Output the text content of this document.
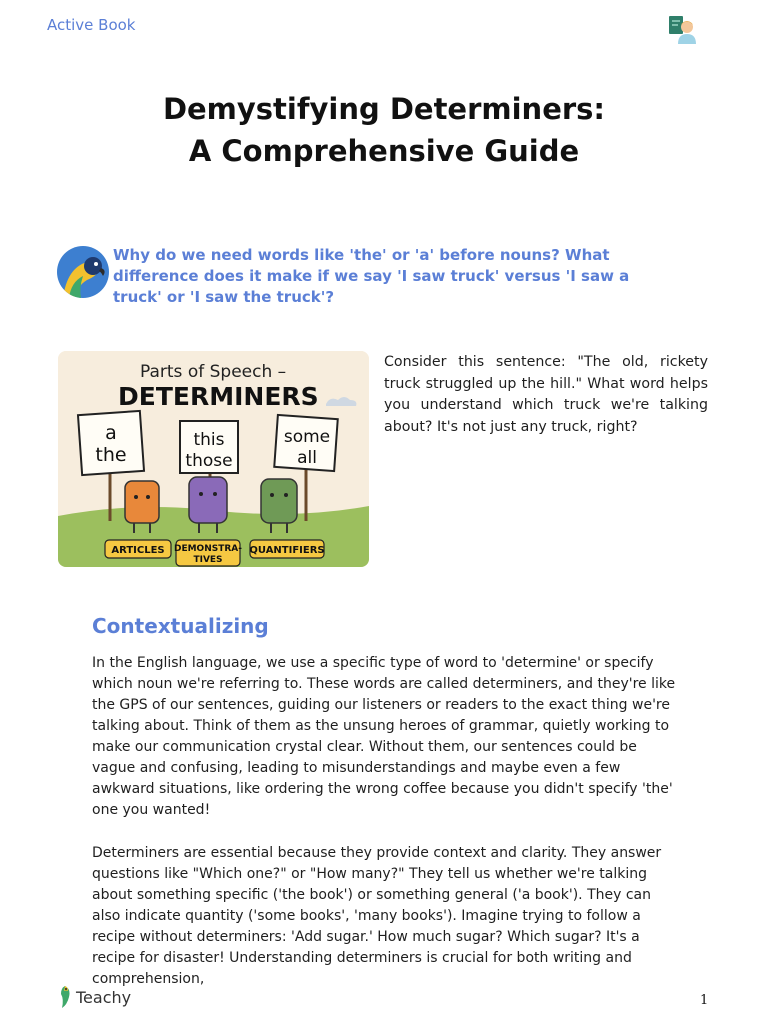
Active Book
Demystifying Determiners: A Comprehensive Guide

Why do we need words like 'the' or 'a' before nouns? What difference does it make if we say 'I saw truck' versus 'I saw a truck' or 'I saw the truck'?

Parts of Speech –
DETERMINERS
a
the
ARTICLES
this
those
DEMONSTRA-
TIVES
some
all
QUANTIFIERS

Consider this sentence: "The old, rickety truck struggled up the hill." What word helps you understand which truck we're talking about? It's not just any truck, right?

Contextualizing

In the English language, we use a specific type of word to 'determine' or specify which noun we're referring to. These words are called determiners, and they're like the GPS of our sentences, guiding our listeners or readers to the exact thing we're talking about. Think of them as the unsung heroes of grammar, quietly working to make our communication crystal clear. Without them, our sentences could be vague and confusing, leading to misunderstandings and maybe even a few awkward situations, like ordering the wrong coffee because you didn't specify 'the' one you wanted!

Determiners are essential because they provide context and clarity. They answer questions like "Which one?" or "How many?" They tell us whether we're talking about something specific ('the book') or something general ('a book'). They can also indicate quantity ('some books', 'many books'). Imagine trying to follow a recipe without determiners: 'Add sugar.' How much sugar? Which sugar? It's a recipe for disaster! Understanding determiners is crucial for both writing and comprehension,

Teachy	1
